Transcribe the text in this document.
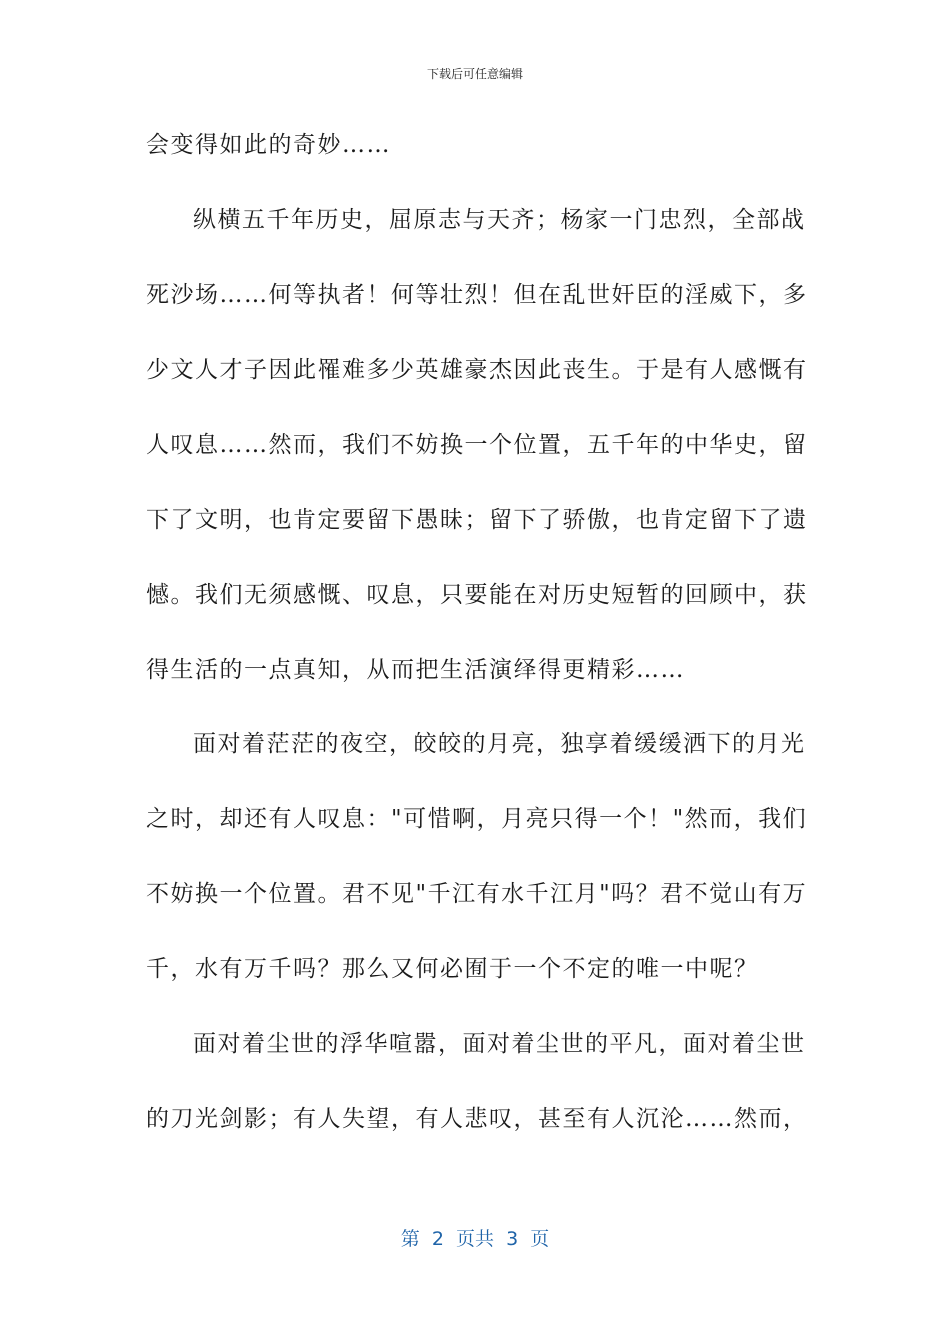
下载后可任意编辑
会变得如此的奇妙……
纵横五千年历史，屈原志与天齐；杨家一门忠烈，全部战
死沙场……何等执者！何等壮烈！但在乱世奸臣的淫威下，多
少文人才子因此罹难多少英雄豪杰因此丧生。于是有人感慨有
人叹息……然而，我们不妨换一个位置，五千年的中华史，留
下了文明，也肯定要留下愚昧；留下了骄傲，也肯定留下了遗
憾。我们无须感慨、叹息，只要能在对历史短暂的回顾中，获
得生活的一点真知，从而把生活演绎得更精彩……
面对着茫茫的夜空，皎皎的月亮，独享着缓缓洒下的月光
之时，却还有人叹息："可惜啊，月亮只得一个！"然而，我们
不妨换一个位置。君不见"千江有水千江月"吗？君不觉山有万
千，水有万千吗？那么又何必囿于一个不定的唯一中呢？
面对着尘世的浮华喧嚣，面对着尘世的平凡，面对着尘世
的刀光剑影；有人失望，有人悲叹，甚至有人沉沦……然而，
第  2  页共  3  页
